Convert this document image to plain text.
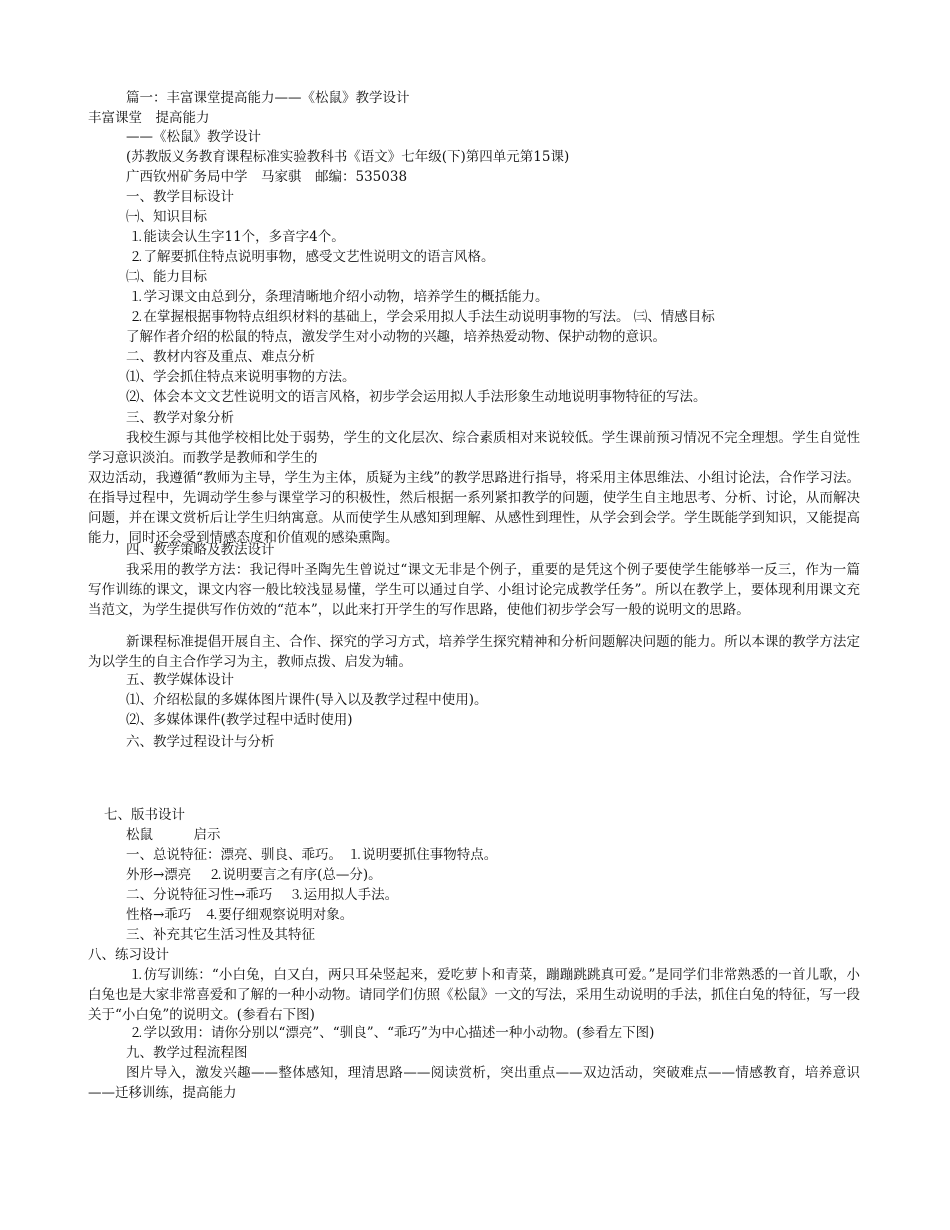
篇一：丰富课堂提高能力——《松鼠》教学设计
丰富课堂　提高能力
——《松鼠》教学设计
(苏教版义务教育课程标准实验教科书《语文》七年级(下)第四单元第15课)
广西钦州矿务局中学　马家骐　邮编：535038
一、教学目标设计
㈠、知识目标
⒈能读会认生字11个，多音字4个。
⒉了解要抓住特点说明事物，感受文艺性说明文的语言风格。
㈡、能力目标
⒈学习课文由总到分，条理清晰地介绍小动物，培养学生的概括能力。
⒉在掌握根据事物特点组织材料的基础上，学会采用拟人手法生动说明事物的写法。 ㈢、情感目标
了解作者介绍的松鼠的特点，激发学生对小动物的兴趣，培养热爱动物、保护动物的意识。
二、教材内容及重点、难点分析
⑴、学会抓住特点来说明事物的方法。
⑵、体会本文文艺性说明文的语言风格，初步学会运用拟人手法形象生动地说明事物特征的写法。
三、教学对象分析
我校生源与其他学校相比处于弱势，学生的文化层次、综合素质相对来说较低。学生课前预习情况不完全理想。学生自觉性学习意识淡泊。而教学是教师和学生的
双边活动，我遵循“教师为主导，学生为主体，质疑为主线”的教学思路进行指导，将采用主体思维法、小组讨论法，合作学习法。在指导过程中，先调动学生参与课堂学习的积极性，然后根据一系列紧扣教学的问题，使学生自主地思考、分析、讨论，从而解决问题，并在课文赏析后让学生归纳寓意。从而使学生从感知到理解、从感性到理性，从学会到会学。学生既能学到知识，又能提高能力，同时还会受到情感态度和价值观的感染熏陶。
四、教学策略及教法设计
我采用的教学方法：我记得叶圣陶先生曾说过“课文无非是个例子，重要的是凭这个例子要使学生能够举一反三，作为一篇写作训练的课文，课文内容一般比较浅显易懂，学生可以通过自学、小组讨论完成教学任务”。所以在教学上，要体现利用课文充当范文，为学生提供写作仿效的“范本”，以此来打开学生的写作思路，使他们初步学会写一般的说明文的思路。
新课程标准提倡开展自主、合作、探究的学习方式，培养学生探究精神和分析问题解决问题的能力。所以本课的教学方法定为以学生的自主合作学习为主，教师点拨、启发为辅。
五、教学媒体设计
⑴、介绍松鼠的多媒体图片课件(导入以及教学过程中使用)。
⑵、多媒体课件(教学过程中适时使用)
六、教学过程设计与分析
七、版书设计
松鼠　　　启示
一、总说特征：漂亮、驯良、乖巧。　⒈说明要抓住事物特点。
外形→漂亮　 ⒉说明要言之有序(总—分)。
二、分说特征习性→乖巧　 ⒊运用拟人手法。
性格→乖巧　⒋要仔细观察说明对象。
三、补充其它生活习性及其特征
八、练习设计
⒈仿写训练：“小白兔，白又白，两只耳朵竖起来，爱吃萝卜和青菜，蹦蹦跳跳真可爱。”是同学们非常熟悉的一首儿歌，小白兔也是大家非常喜爱和了解的一种小动物。请同学们仿照《松鼠》一文的写法，采用生动说明的手法，抓住白兔的特征，写一段关于“小白兔”的说明文。(参看右下图)
⒉学以致用：请你分别以“漂亮”、“驯良”、“乖巧”为中心描述一种小动物。(参看左下图)
九、教学过程流程图
图片导入，激发兴趣——整体感知，理清思路——阅读赏析，突出重点——双边活动，突破难点——情感教育，培养意识——迁移训练，提高能力
